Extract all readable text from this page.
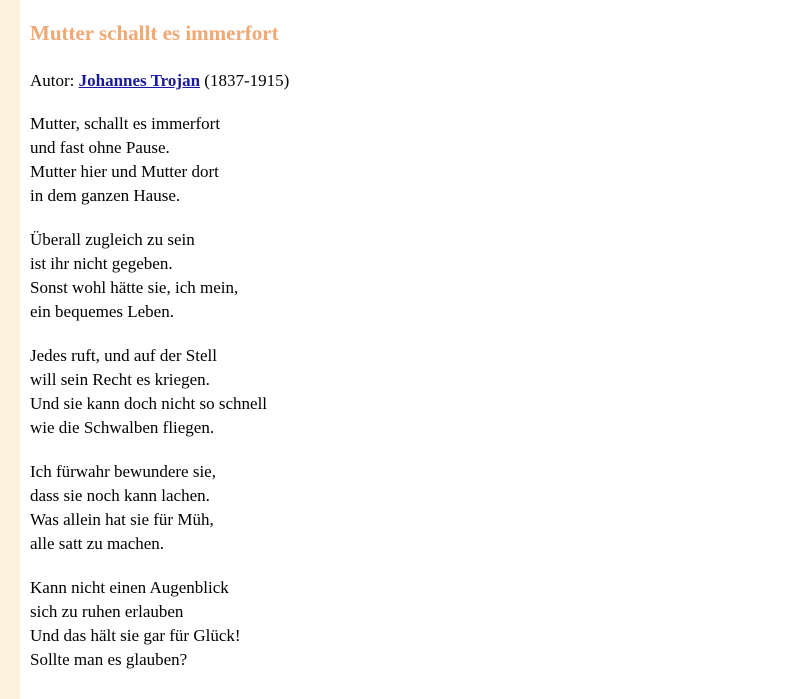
Mutter schallt es immerfort
Autor: Johannes Trojan (1837-1915)
Mutter, schallt es immerfort
und fast ohne Pause.
Mutter hier und Mutter dort
in dem ganzen Hause.
Überall zugleich zu sein
ist ihr nicht gegeben.
Sonst wohl hätte sie, ich mein,
ein bequemes Leben.
Jedes ruft, und auf der Stell
will sein Recht es kriegen.
Und sie kann doch nicht so schnell
wie die Schwalben fliegen.
Ich fürwahr bewundere sie,
dass sie noch kann lachen.
Was allein hat sie für Müh,
alle satt zu machen.
Kann nicht einen Augenblick
sich zu ruhen erlauben
Und das hält sie gar für Glück!
Sollte man es glauben?
